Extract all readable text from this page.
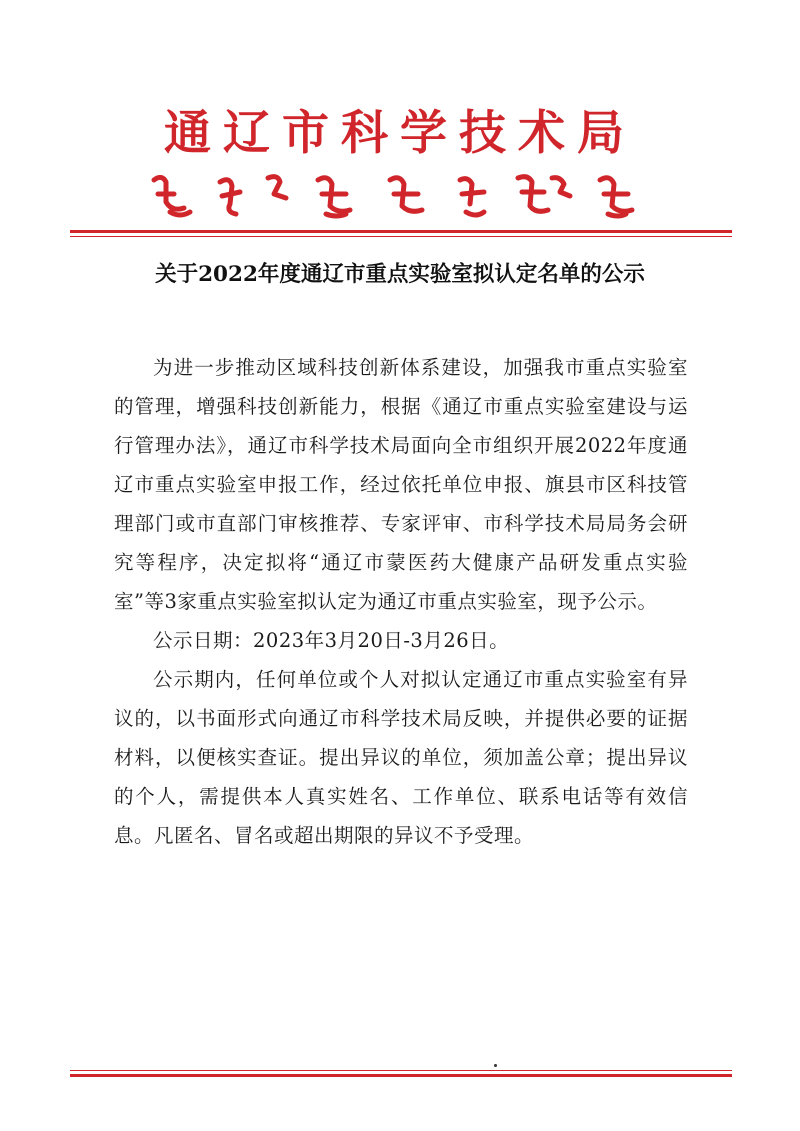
通辽市科学技术局
关于2022年度通辽市重点实验室拟认定名单的公示

为进一步推动区域科技创新体系建设，加强我市重点实验室的管理，增强科技创新能力，根据《通辽市重点实验室建设与运行管理办法》，通辽市科学技术局面向全市组织开展2022年度通辽市重点实验室申报工作，经过依托单位申报、旗县市区科技管理部门或市直部门审核推荐、专家评审、市科学技术局局务会研究等程序，决定拟将“通辽市蒙医药大健康产品研发重点实验室”等3家重点实验室拟认定为通辽市重点实验室，现予公示。

公示日期：2023年3月20日-3月26日。

公示期内，任何单位或个人对拟认定通辽市重点实验室有异议的，以书面形式向通辽市科学技术局反映，并提供必要的证据材料，以便核实查证。提出异议的单位，须加盖公章；提出异议的个人，需提供本人真实姓名、工作单位、联系电话等有效信息。凡匿名、冒名或超出期限的异议不予受理。
